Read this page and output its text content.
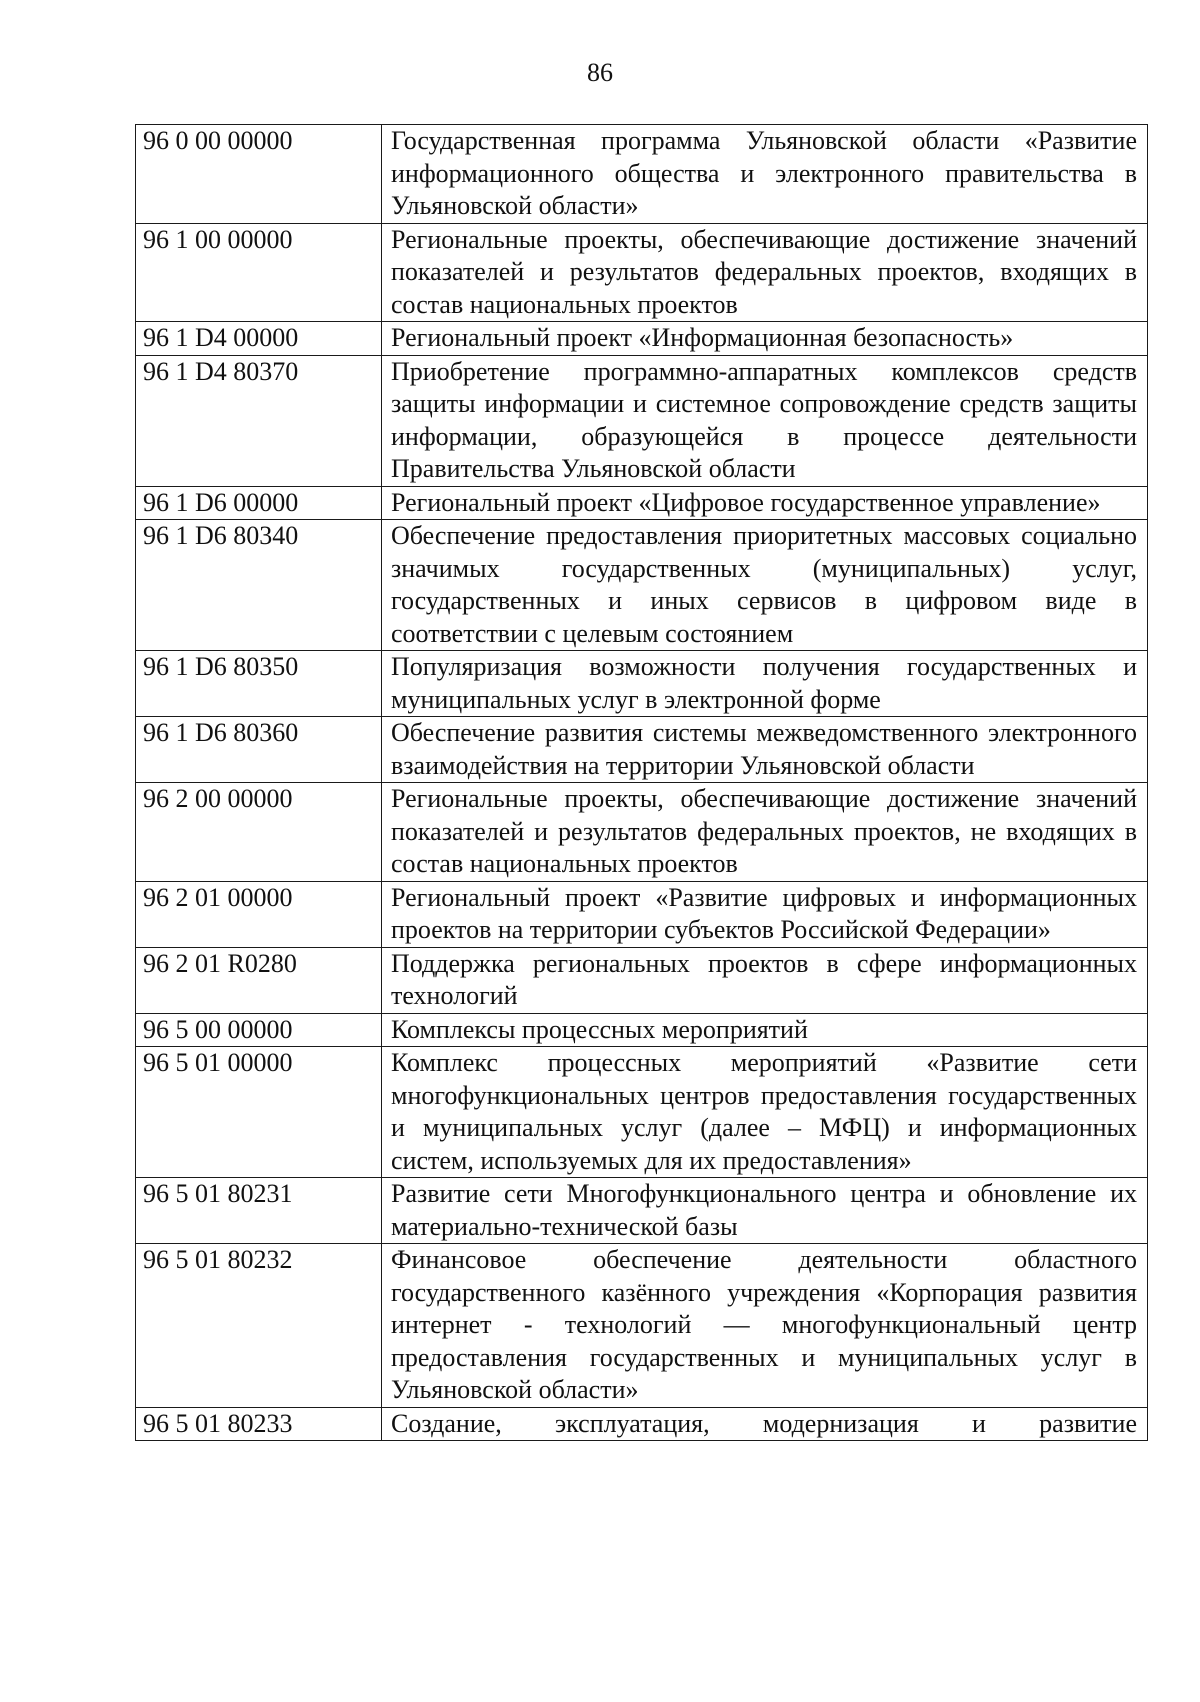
86
96 0 00 00000	Государственная программа Ульяновской области «Развитие информационного общества и электронного правительства в Ульяновской области»
96 1 00 00000	Региональные проекты, обеспечивающие достижение значений показателей и результатов федеральных проектов, входящих в состав национальных проектов
96 1 D4 00000	Региональный проект «Информационная безопасность»
96 1 D4 80370	Приобретение программно-аппаратных комплексов средств защиты информации и системное сопровождение средств защиты информации, образующейся в процессе деятельности Правительства Ульяновской области
96 1 D6 00000	Региональный проект «Цифровое государственное управление»
96 1 D6 80340	Обеспечение предоставления приоритетных массовых социально значимых государственных (муниципальных) услуг, государственных и иных сервисов в цифровом виде в соответствии с целевым состоянием
96 1 D6 80350	Популяризация возможности получения государственных и муниципальных услуг в электронной форме
96 1 D6 80360	Обеспечение развития системы межведомственного электронного взаимодействия на территории Ульяновской области
96 2 00 00000	Региональные проекты, обеспечивающие достижение значений показателей и результатов федеральных проектов, не входящих в состав национальных проектов
96 2 01 00000	Региональный проект «Развитие цифровых и информационных проектов на территории субъектов Российской Федерации»
96 2 01 R0280	Поддержка региональных проектов в сфере информационных технологий
96 5 00 00000	Комплексы процессных мероприятий
96 5 01 00000	Комплекс процессных мероприятий «Развитие сети многофункциональных центров предоставления государственных и муниципальных услуг (далее – МФЦ) и информационных систем, используемых для их предоставления»
96 5 01 80231	Развитие сети Многофункционального центра и обновление их материально-технической базы
96 5 01 80232	Финансовое обеспечение деятельности областного государственного казённого учреждения «Корпорация развития интернет - технологий — многофункциональный центр предоставления государственных и муниципальных услуг в Ульяновской области»
96 5 01 80233	Создание, эксплуатация, модернизация и развитие
